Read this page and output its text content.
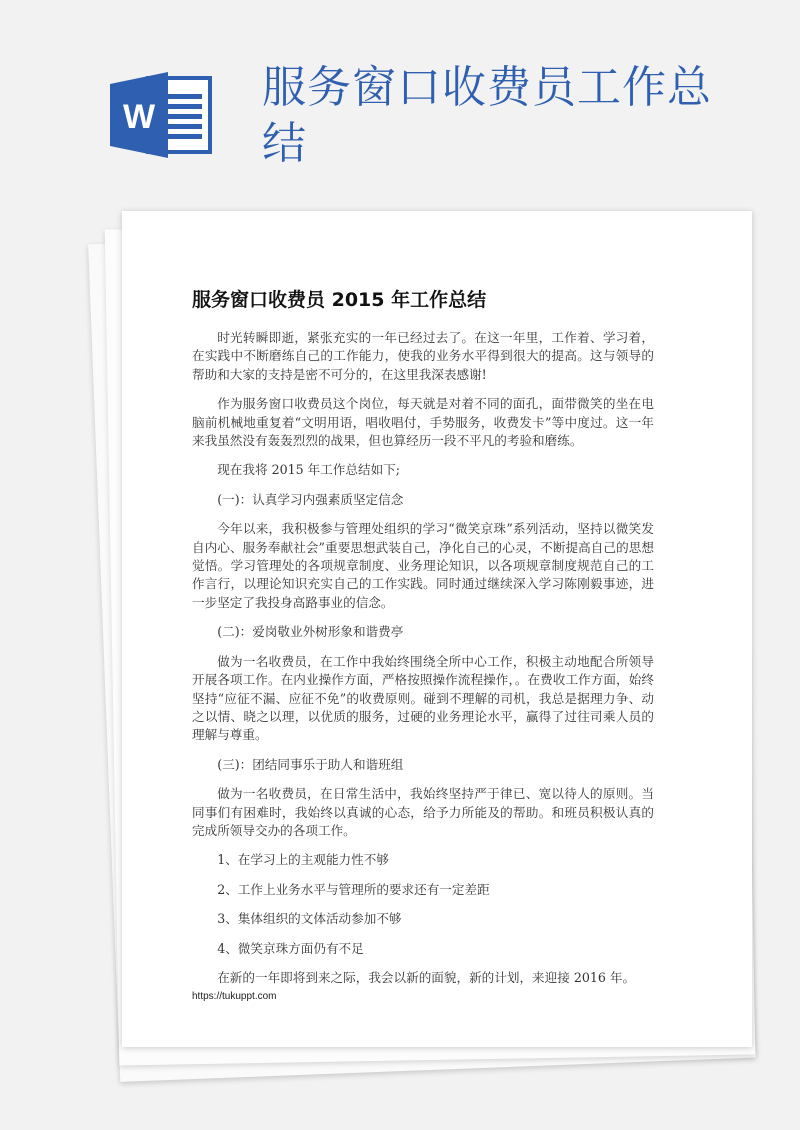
W
服务窗口收费员工作总结
服务窗口收费员 2015 年工作总结

时光转瞬即逝，紧张充实的一年已经过去了。在这一年里，工作着、学习着，在实践中不断磨练自己的工作能力，使我的业务水平得到很大的提高。这与领导的帮助和大家的支持是密不可分的，在这里我深表感谢!

作为服务窗口收费员这个岗位，每天就是对着不同的面孔，面带微笑的坐在电脑前机械地重复着“文明用语，唱收唱付，手势服务，收费发卡”等中度过。这一年来我虽然没有轰轰烈烈的战果，但也算经历一段不平凡的考验和磨练。

现在我将 2015 年工作总结如下;

(一)：认真学习内强素质坚定信念

今年以来，我积极参与管理处组织的学习“微笑京珠”系列活动，坚持以微笑发自内心、服务奉献社会”重要思想武装自己，净化自己的心灵，不断提高自己的思想觉悟。学习管理处的各项规章制度、业务理论知识，以各项规章制度规范自己的工作言行，以理论知识充实自己的工作实践。同时通过继续深入学习陈刚毅事迹，进一步坚定了我投身高路事业的信念。

(二)：爱岗敬业外树形象和谐费亭

做为一名收费员，在工作中我始终围绕全所中心工作，积极主动地配合所领导开展各项工作。在内业操作方面，严格按照操作流程操作，。在费收工作方面，始终坚持“应征不漏、应征不免”的收费原则。碰到不理解的司机，我总是据理力争、动之以情、晓之以理，以优质的服务，过硬的业务理论水平，赢得了过往司乘人员的理解与尊重。

(三)：团结同事乐于助人和谐班组

做为一名收费员，在日常生活中，我始终坚持严于律已、宽以待人的原则。当同事们有困难时，我始终以真诚的心态，给予力所能及的帮助。和班员积极认真的完成所领导交办的各项工作。

1、在学习上的主观能力性不够

2、工作上业务水平与管理所的要求还有一定差距

3、集体组织的文体活动参加不够

4、微笑京珠方面仍有不足

在新的一年即将到来之际，我会以新的面貌，新的计划，来迎接 2016 年。

https://tukuppt.com
